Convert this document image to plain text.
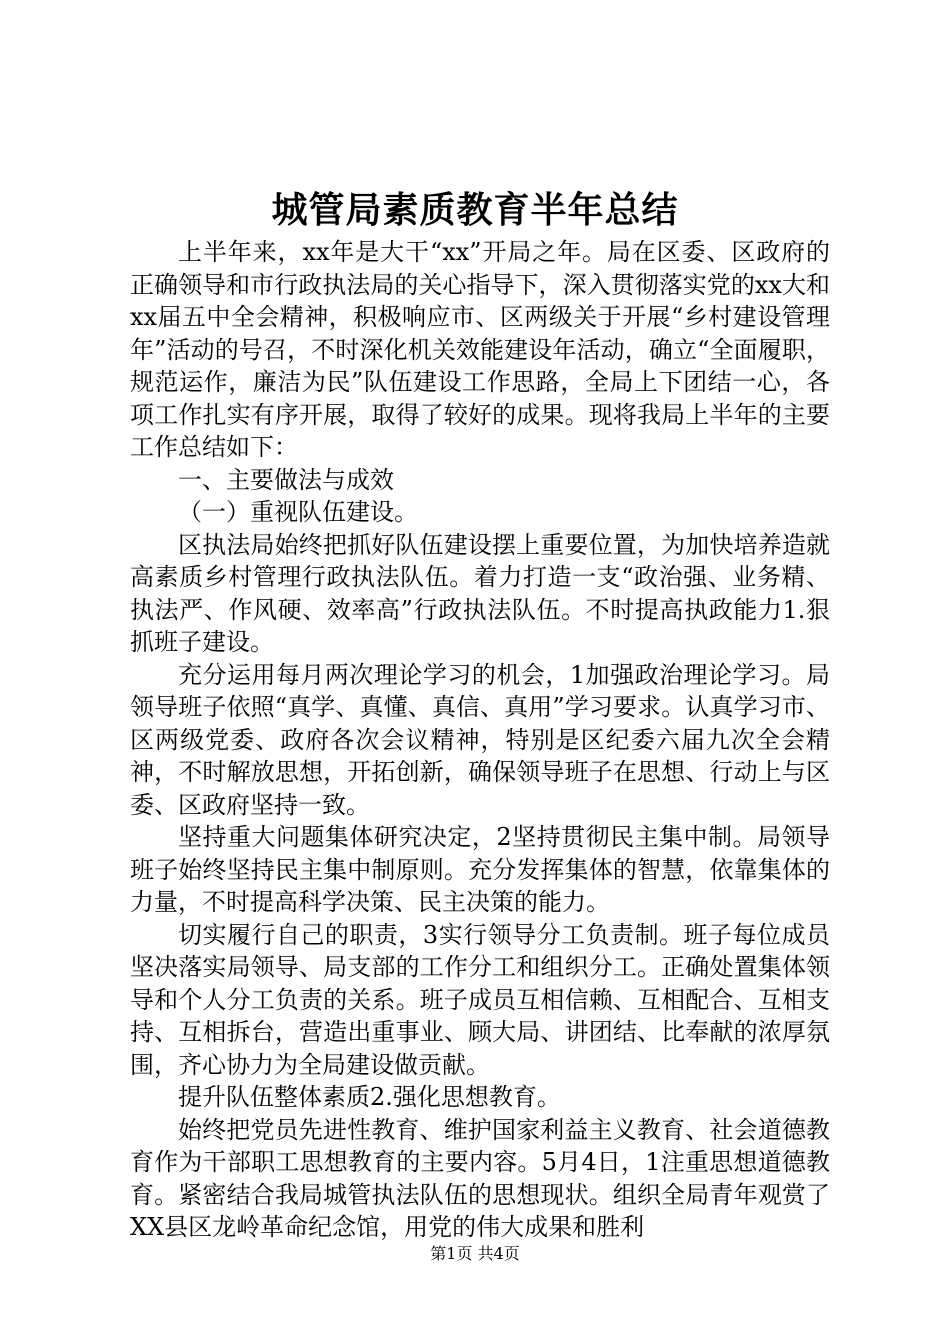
城管局素质教育半年总结

上半年来，xx年是大干“xx”开局之年。局在区委、区政府的正确领导和市行政执法局的关心指导下，深入贯彻落实党的xx大和xx届五中全会精神，积极响应市、区两级关于开展“乡村建设管理年”活动的号召，不时深化机关效能建设年活动，确立“全面履职，规范运作，廉洁为民”队伍建设工作思路，全局上下团结一心，各项工作扎实有序开展，取得了较好的成果。现将我局上半年的主要工作总结如下：

一、主要做法与成效

（一）重视队伍建设。

区执法局始终把抓好队伍建设摆上重要位置，为加快培养造就高素质乡村管理行政执法队伍。着力打造一支“政治强、业务精、执法严、作风硬、效率高”行政执法队伍。不时提高执政能力1.狠抓班子建设。

充分运用每月两次理论学习的机会，1加强政治理论学习。局领导班子依照“真学、真懂、真信、真用”学习要求。认真学习市、区两级党委、政府各次会议精神，特别是区纪委六届九次全会精神，不时解放思想，开拓创新，确保领导班子在思想、行动上与区委、区政府坚持一致。

坚持重大问题集体研究决定，2坚持贯彻民主集中制。局领导班子始终坚持民主集中制原则。充分发挥集体的智慧，依靠集体的力量，不时提高科学决策、民主决策的能力。

切实履行自己的职责，3实行领导分工负责制。班子每位成员坚决落实局领导、局支部的工作分工和组织分工。正确处置集体领导和个人分工负责的关系。班子成员互相信赖、互相配合、互相支持、互相拆台，营造出重事业、顾大局、讲团结、比奉献的浓厚氛围，齐心协力为全局建设做贡献。

提升队伍整体素质2.强化思想教育。

始终把党员先进性教育、维护国家利益主义教育、社会道德教育作为干部职工思想教育的主要内容。5月4日，1注重思想道德教育。紧密结合我局城管执法队伍的思想现状。组织全局青年观赏了XX县区龙岭革命纪念馆，用党的伟大成果和胜利

第1页 共4页
